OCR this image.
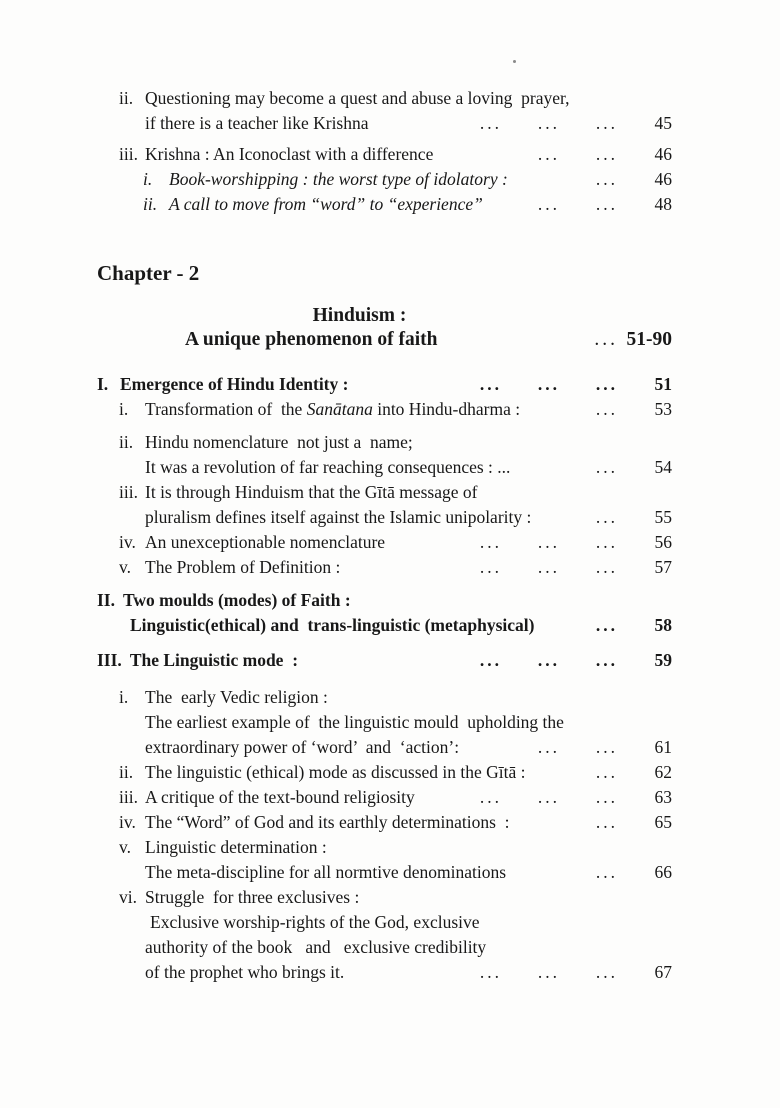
ii. Questioning may become a quest and abuse a loving  prayer,
if there is a teacher like Krishna	...	...	...	45
iii. Krishna : An Iconoclast with a difference	...	...	46
i. Book-worshipping : the worst type of idolatory :	...	46
ii. A call to move from “word” to “experience”	...	...	48
Chapter - 2
Hinduism :
A unique phenomenon of faith	... 51-90
I. Emergence of Hindu Identity :	...	...	...	51
i. Transformation of  the Sanātana into Hindu-dharma :	...	53
ii. Hindu nomenclature  not just a  name;
It was a revolution of far reaching consequences : ...	...	54
iii. It is through Hinduism that the Gītā message of
pluralism defines itself against the Islamic unipolarity :	...	55
iv. An unexceptionable nomenclature	...	...	...	56
v. The Problem of Definition :	...	...	...	57
II. Two moulds (modes) of Faith :
Linguistic(ethical) and  trans-linguistic (metaphysical)	...	58
III. The Linguistic mode  :	...	...	...	59
i. The  early Vedic religion :
The earliest example of  the linguistic mould  upholding the
extraordinary power of ‘word’  and  ‘action’:	...	...	61
ii. The linguistic (ethical) mode as discussed in the Gītā :	...	62
iii. A critique of the text-bound religiosity	...	...	...	63
iv. The “Word” of God and its earthly determinations  :	...	65
v. Linguistic determination :
The meta-discipline for all normtive denominations	...	66
vi. Struggle  for three exclusives :
Exclusive worship-rights of the God, exclusive
authority of the book   and   exclusive credibility
of the prophet who brings it.	...	...	...	67
